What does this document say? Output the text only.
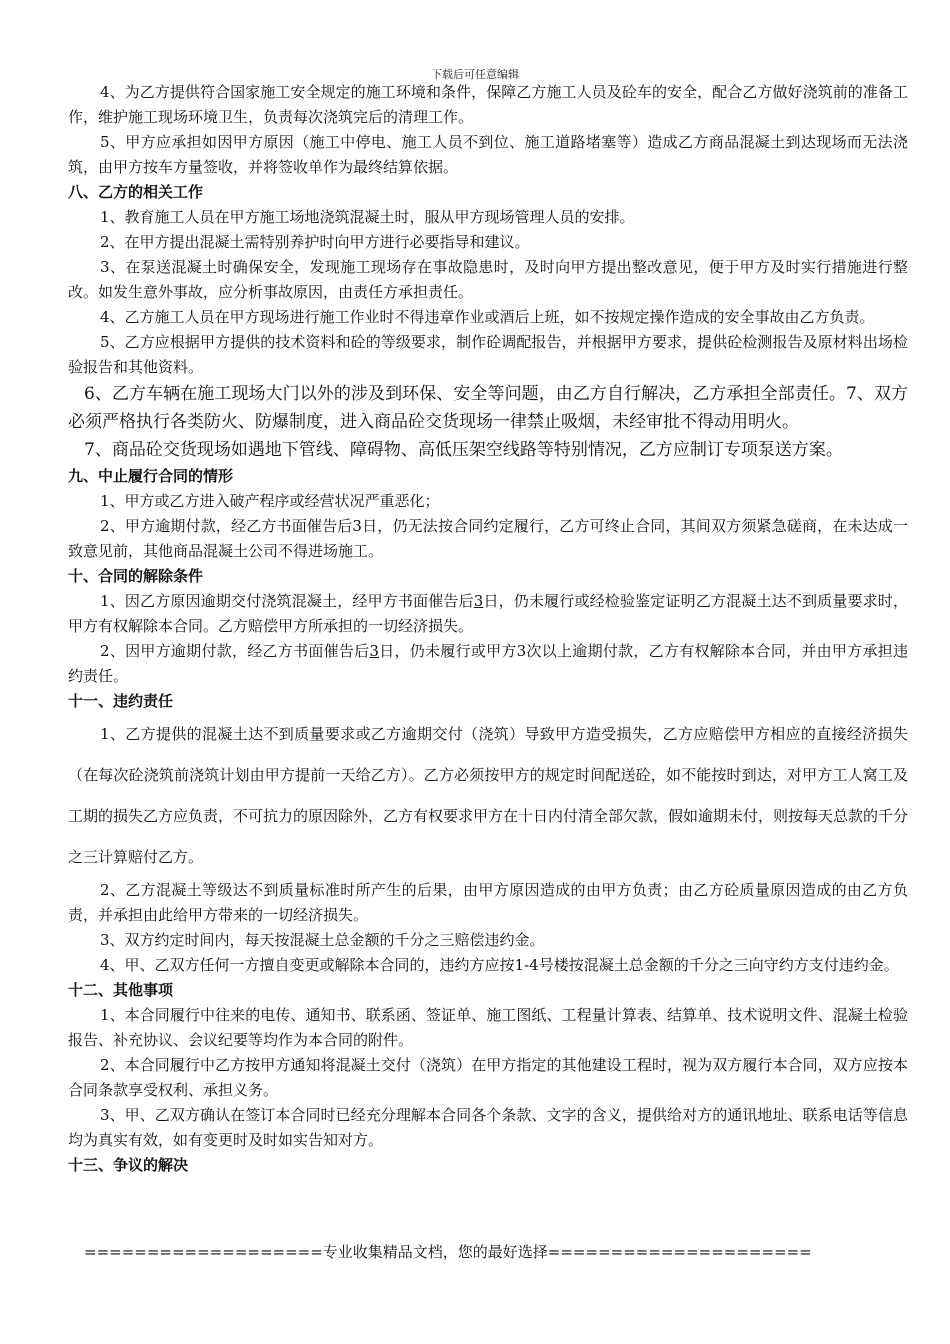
下载后可任意编辑

4、为乙方提供符合国家施工安全规定的施工环境和条件，保障乙方施工人员及砼车的安全，配合乙方做好浇筑前的准备工作，维护施工现场环境卫生，负责每次浇筑完后的清理工作。

5、甲方应承担如因甲方原因（施工中停电、施工人员不到位、施工道路堵塞等）造成乙方商品混凝土到达现场而无法浇筑，由甲方按车方量签收，并将签收单作为最终结算依据。

八、乙方的相关工作

1、教育施工人员在甲方施工场地浇筑混凝土时，服从甲方现场管理人员的安排。

2、在甲方提出混凝土需特别养护时向甲方进行必要指导和建议。

3、在泵送混凝土时确保安全，发现施工现场存在事故隐患时，及时向甲方提出整改意见，便于甲方及时实行措施进行整改。如发生意外事故，应分析事故原因，由责任方承担责任。

4、乙方施工人员在甲方现场进行施工作业时不得违章作业或酒后上班，如不按规定操作造成的安全事故由乙方负责。

5、乙方应根据甲方提供的技术资料和砼的等级要求，制作砼调配报告，并根据甲方要求，提供砼检测报告及原材料出场检验报告和其他资料。

6、乙方车辆在施工现场大门以外的涉及到环保、安全等问题，由乙方自行解决，乙方承担全部责任。7、双方必须严格执行各类防火、防爆制度，进入商品砼交货现场一律禁止吸烟，未经审批不得动用明火。

7、商品砼交货现场如遇地下管线、障碍物、高低压架空线路等特别情况，乙方应制订专项泵送方案。

九、中止履行合同的情形

1、甲方或乙方进入破产程序或经营状况严重恶化；

2、甲方逾期付款，经乙方书面催告后3日，仍无法按合同约定履行，乙方可终止合同，其间双方须紧急磋商，在未达成一致意见前，其他商品混凝土公司不得进场施工。

十、合同的解除条件

1、因乙方原因逾期交付浇筑混凝土，经甲方书面催告后3日，仍未履行或经检验鉴定证明乙方混凝土达不到质量要求时，甲方有权解除本合同。乙方赔偿甲方所承担的一切经济损失。

2、因甲方逾期付款，经乙方书面催告后3日，仍未履行或甲方3次以上逾期付款，乙方有权解除本合同，并由甲方承担违约责任。

十一、违约责任

1、乙方提供的混凝土达不到质量要求或乙方逾期交付（浇筑）导致甲方造受损失，乙方应赔偿甲方相应的直接经济损失（在每次砼浇筑前浇筑计划由甲方提前一天给乙方）。乙方必须按甲方的规定时间配送砼，如不能按时到达，对甲方工人窝工及工期的损失乙方应负责，不可抗力的原因除外，乙方有权要求甲方在十日内付清全部欠款，假如逾期未付，则按每天总款的千分之三计算赔付乙方。

2、乙方混凝土等级达不到质量标准时所产生的后果，由甲方原因造成的由甲方负责；由乙方砼质量原因造成的由乙方负责，并承担由此给甲方带来的一切经济损失。

3、双方约定时间内，每天按混凝土总金额的千分之三赔偿违约金。

4、甲、乙双方任何一方擅自变更或解除本合同的，违约方应按1-4号楼按混凝土总金额的千分之三向守约方支付违约金。

十二、其他事项

1、本合同履行中往来的电传、通知书、联系函、签证单、施工图纸、工程量计算表、结算单、技术说明文件、混凝土检验报告、补充协议、会议纪要等均作为本合同的附件。

2、本合同履行中乙方按甲方通知将混凝土交付（浇筑）在甲方指定的其他建设工程时，视为双方履行本合同，双方应按本合同条款享受权利、承担义务。

3、甲、乙双方确认在签订本合同时已经充分理解本合同各个条款、文字的含义，提供给对方的通讯地址、联系电话等信息均为真实有效，如有变更时及时如实告知对方。

十三、争议的解决

===================专业收集精品文档，您的最好选择=====================
